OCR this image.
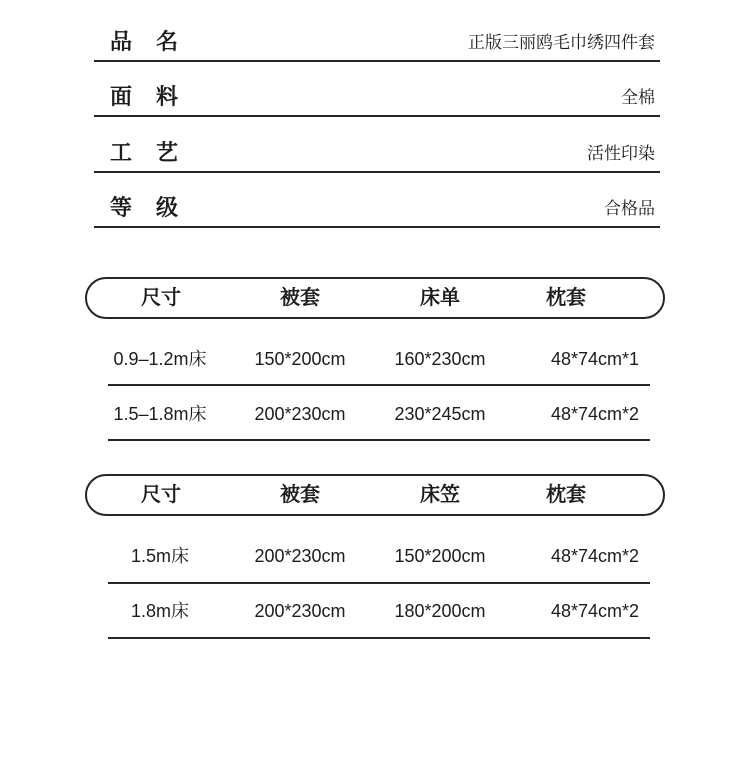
品　名	正版三丽鸥毛巾绣四件套
面　料	全棉
工　艺	活性印染
等　级	合格品
尺寸	被套	床单	枕套
0.9–1.2m床	150*200cm	160*230cm	48*74cm*1
1.5–1.8m床	200*230cm	230*245cm	48*74cm*2
尺寸	被套	床笠	枕套
1.5m床	200*230cm	150*200cm	48*74cm*2
1.8m床	200*230cm	180*200cm	48*74cm*2
